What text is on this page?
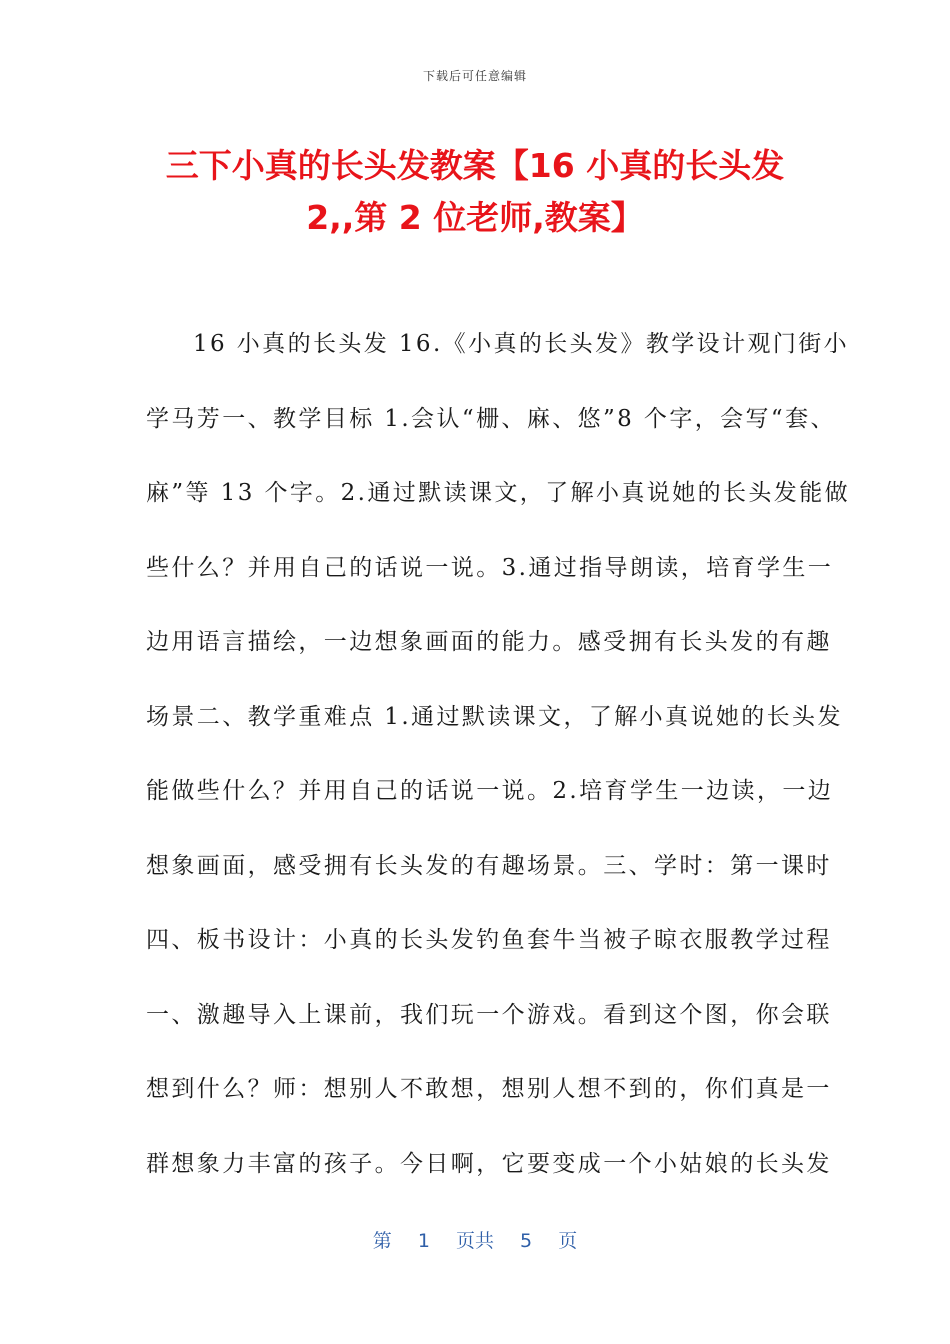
下载后可任意编辑
三下小真的长头发教案【16 小真的长头发
2,,第 2 位老师,教案】
16 小真的长头发 16.《小真的长头发》教学设计观门街小
学马芳一、教学目标 1.会认“栅、麻、悠”8 个字，会写“套、
麻”等 13 个字。2.通过默读课文，了解小真说她的长头发能做
些什么？并用自己的话说一说。3.通过指导朗读，培育学生一
边用语言描绘，一边想象画面的能力。感受拥有长头发的有趣
场景二、教学重难点 1.通过默读课文，了解小真说她的长头发
能做些什么？并用自己的话说一说。2.培育学生一边读，一边
想象画面，感受拥有长头发的有趣场景。三、学时：第一课时
四、板书设计：小真的长头发钓鱼套牛当被子晾衣服教学过程
一、激趣导入上课前，我们玩一个游戏。看到这个图，你会联
想到什么？师：想别人不敢想，想别人想不到的，你们真是一
群想象力丰富的孩子。今日啊，它要变成一个小姑娘的长头发
第 1 页共 5 页
